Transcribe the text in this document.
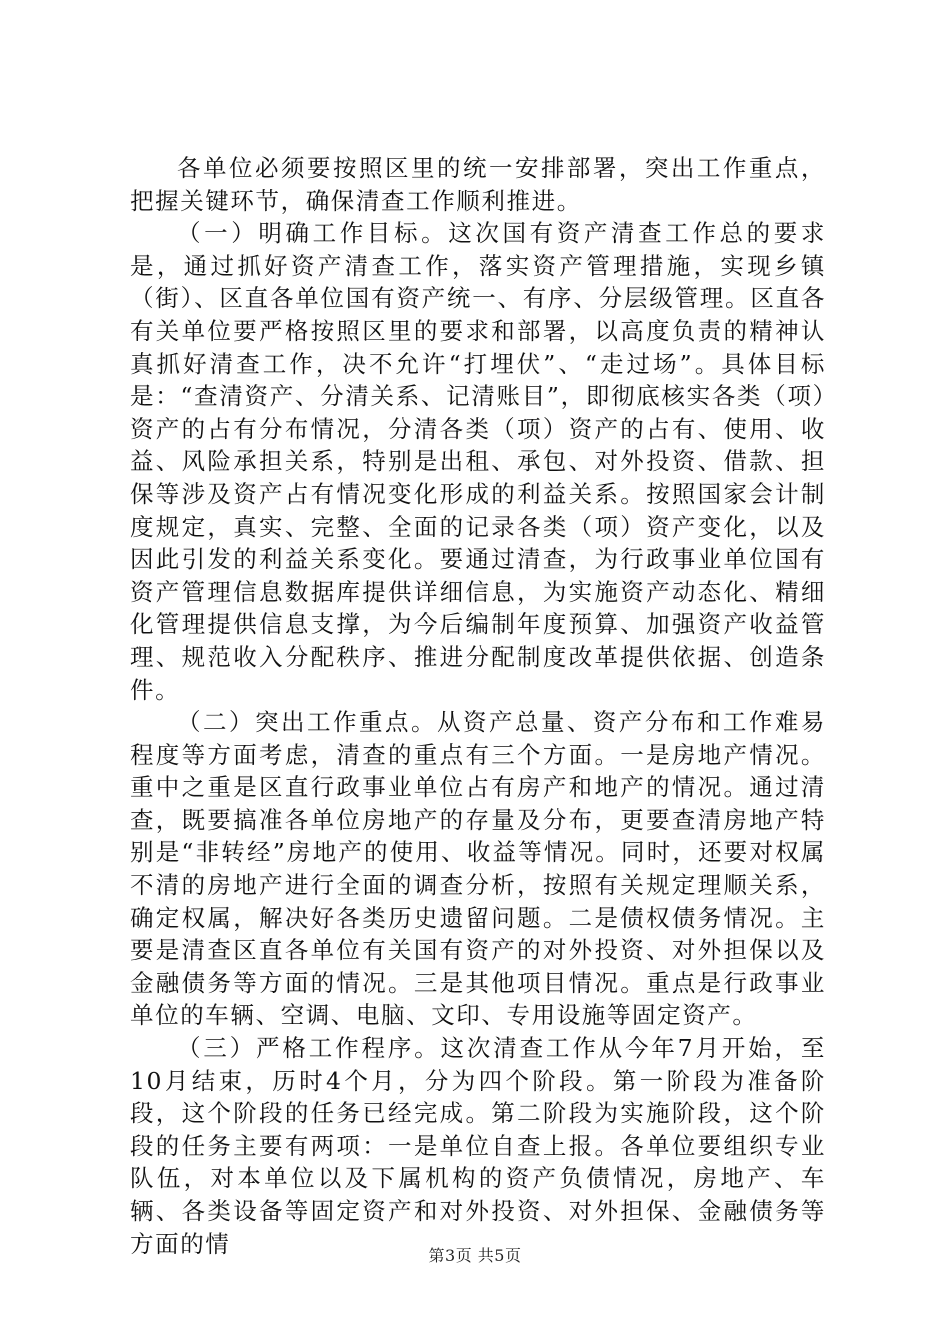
各单位必须要按照区里的统一安排部署，突出工作重点，把握关键环节，确保清查工作顺利推进。

（一）明确工作目标。这次国有资产清查工作总的要求是，通过抓好资产清查工作，落实资产管理措施，实现乡镇（街）、区直各单位国有资产统一、有序、分层级管理。区直各有关单位要严格按照区里的要求和部署，以高度负责的精神认真抓好清查工作，决不允许“打埋伏”、“走过场”。具体目标是：“查清资产、分清关系、记清账目”，即彻底核实各类（项）资产的占有分布情况，分清各类（项）资产的占有、使用、收益、风险承担关系，特别是出租、承包、对外投资、借款、担保等涉及资产占有情况变化形成的利益关系。按照国家会计制度规定，真实、完整、全面的记录各类（项）资产变化，以及因此引发的利益关系变化。要通过清查，为行政事业单位国有资产管理信息数据库提供详细信息，为实施资产动态化、精细化管理提供信息支撑，为今后编制年度预算、加强资产收益管理、规范收入分配秩序、推进分配制度改革提供依据、创造条件。

（二）突出工作重点。从资产总量、资产分布和工作难易程度等方面考虑，清查的重点有三个方面。一是房地产情况。重中之重是区直行政事业单位占有房产和地产的情况。通过清查，既要搞准各单位房地产的存量及分布，更要查清房地产特别是“非转经”房地产的使用、收益等情况。同时，还要对权属不清的房地产进行全面的调查分析，按照有关规定理顺关系，确定权属，解决好各类历史遗留问题。二是债权债务情况。主要是清查区直各单位有关国有资产的对外投资、对外担保以及金融债务等方面的情况。三是其他项目情况。重点是行政事业单位的车辆、空调、电脑、文印、专用设施等固定资产。

（三）严格工作程序。这次清查工作从今年7月开始，至10月结束，历时4个月，分为四个阶段。第一阶段为准备阶段，这个阶段的任务已经完成。第二阶段为实施阶段，这个阶段的任务主要有两项：一是单位自查上报。各单位要组织专业队伍，对本单位以及下属机构的资产负债情况，房地产、车辆、各类设备等固定资产和对外投资、对外担保、金融债务等方面的情	第3页 共5页
